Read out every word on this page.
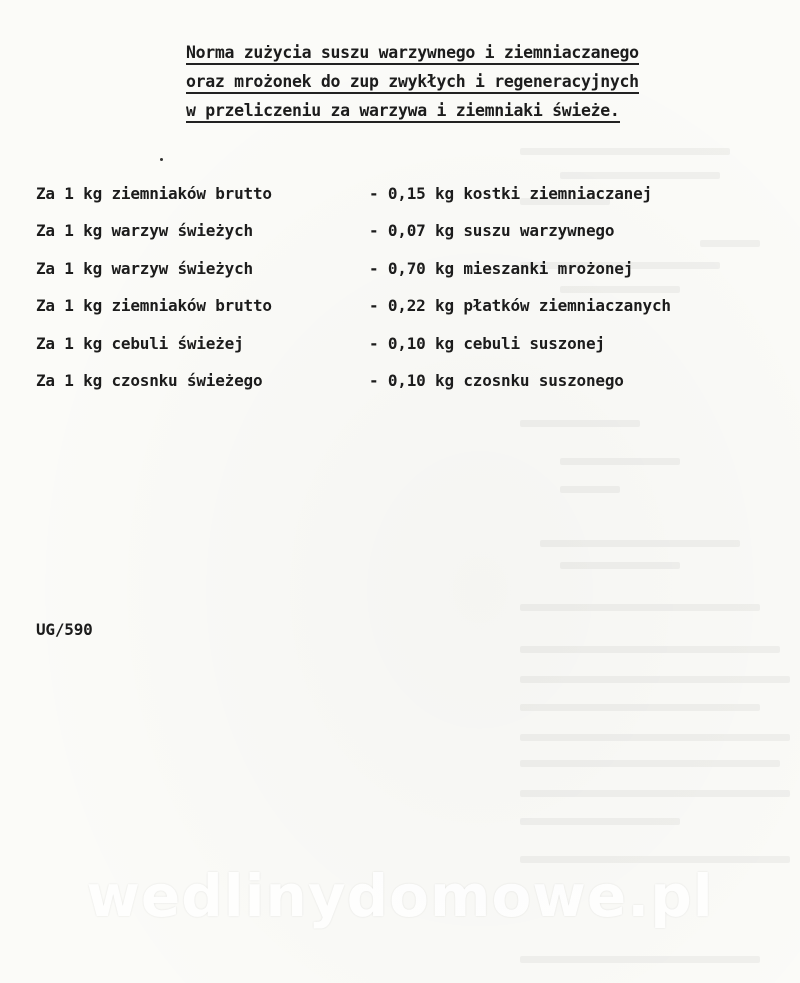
Norma zużycia suszu warzywnego i ziemniaczanego
oraz mrożonek do zup zwykłych i regeneracyjnych
w przeliczeniu za warzywa i ziemniaki świeże.
Za 1 kg ziemniaków brutto	- 0,15 kg kostki ziemniaczanej
Za 1 kg warzyw świeżych	- 0,07 kg suszu warzywnego
Za 1 kg warzyw świeżych	- 0,70 kg mieszanki mrożonej
Za 1 kg ziemniaków brutto	- 0,22 kg płatków ziemniaczanych
Za 1 kg cebuli świeżej	- 0,10 kg cebuli suszonej
Za 1 kg czosnku świeżego	- 0,10 kg czosnku suszonego
UG/590
wedlinydomowe.pl
